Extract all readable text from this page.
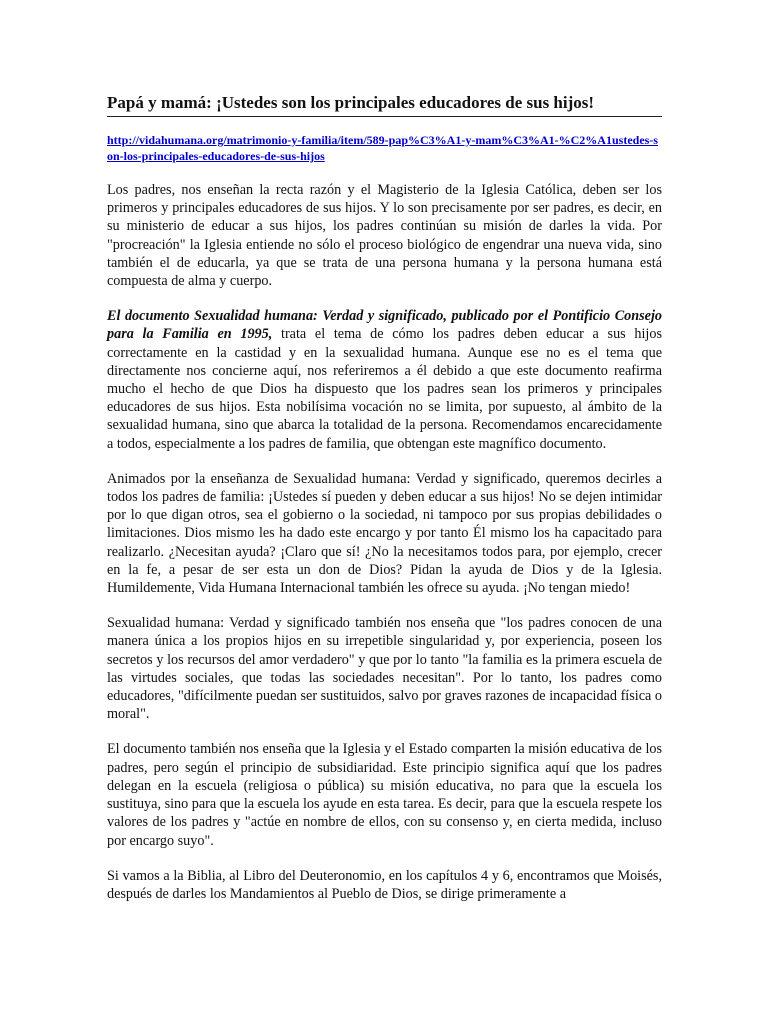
Papá y mamá: ¡Ustedes son los principales educadores de sus hijos!
http://vidahumana.org/matrimonio-y-familia/item/589-pap%C3%A1-y-mam%C3%A1-%C2%A1ustedes-son-los-principales-educadores-de-sus-hijos

Los padres, nos enseñan la recta razón y el Magisterio de la Iglesia Católica, deben ser los primeros y principales educadores de sus hijos. Y lo son precisamente por ser padres, es decir, en su ministerio de educar a sus hijos, los padres continúan su misión de darles la vida. Por "procreación" la Iglesia entiende no sólo el proceso biológico de engendrar una nueva vida, sino también el de educarla, ya que se trata de una persona humana y la persona humana está compuesta de alma y cuerpo.

El documento Sexualidad humana: Verdad y significado, publicado por el Pontificio Consejo para la Familia en 1995, trata el tema de cómo los padres deben educar a sus hijos correctamente en la castidad y en la sexualidad humana. Aunque ese no es el tema que directamente nos concierne aquí, nos referiremos a él debido a que este documento reafirma mucho el hecho de que Dios ha dispuesto que los padres sean los primeros y principales educadores de sus hijos. Esta nobilísima vocación no se limita, por supuesto, al ámbito de la sexualidad humana, sino que abarca la totalidad de la persona. Recomendamos encarecidamente a todos, especialmente a los padres de familia, que obtengan este magnífico documento.

Animados por la enseñanza de Sexualidad humana: Verdad y significado, queremos decirles a todos los padres de familia: ¡Ustedes sí pueden y deben educar a sus hijos! No se dejen intimidar por lo que digan otros, sea el gobierno o la sociedad, ni tampoco por sus propias debilidades o limitaciones. Dios mismo les ha dado este encargo y por tanto Él mismo los ha capacitado para realizarlo. ¿Necesitan ayuda? ¡Claro que sí! ¿No la necesitamos todos para, por ejemplo, crecer en la fe, a pesar de ser esta un don de Dios? Pidan la ayuda de Dios y de la Iglesia. Humildemente, Vida Humana Internacional también les ofrece su ayuda. ¡No tengan miedo!

Sexualidad humana: Verdad y significado también nos enseña que "los padres conocen de una manera única a los propios hijos en su irrepetible singularidad y, por experiencia, poseen los secretos y los recursos del amor verdadero" y que por lo tanto "la familia es la primera escuela de las virtudes sociales, que todas las sociedades necesitan". Por lo tanto, los padres como educadores, "difícilmente puedan ser sustituidos, salvo por graves razones de incapacidad física o moral".

El documento también nos enseña que la Iglesia y el Estado comparten la misión educativa de los padres, pero según el principio de subsidiaridad. Este principio significa aquí que los padres delegan en la escuela (religiosa o pública) su misión educativa, no para que la escuela los sustituya, sino para que la escuela los ayude en esta tarea. Es decir, para que la escuela respete los valores de los padres y "actúe en nombre de ellos, con su consenso y, en cierta medida, incluso por encargo suyo".

Si vamos a la Biblia, al Libro del Deuteronomio, en los capítulos 4 y 6, encontramos que Moisés, después de darles los Mandamientos al Pueblo de Dios, se dirige primeramente a
